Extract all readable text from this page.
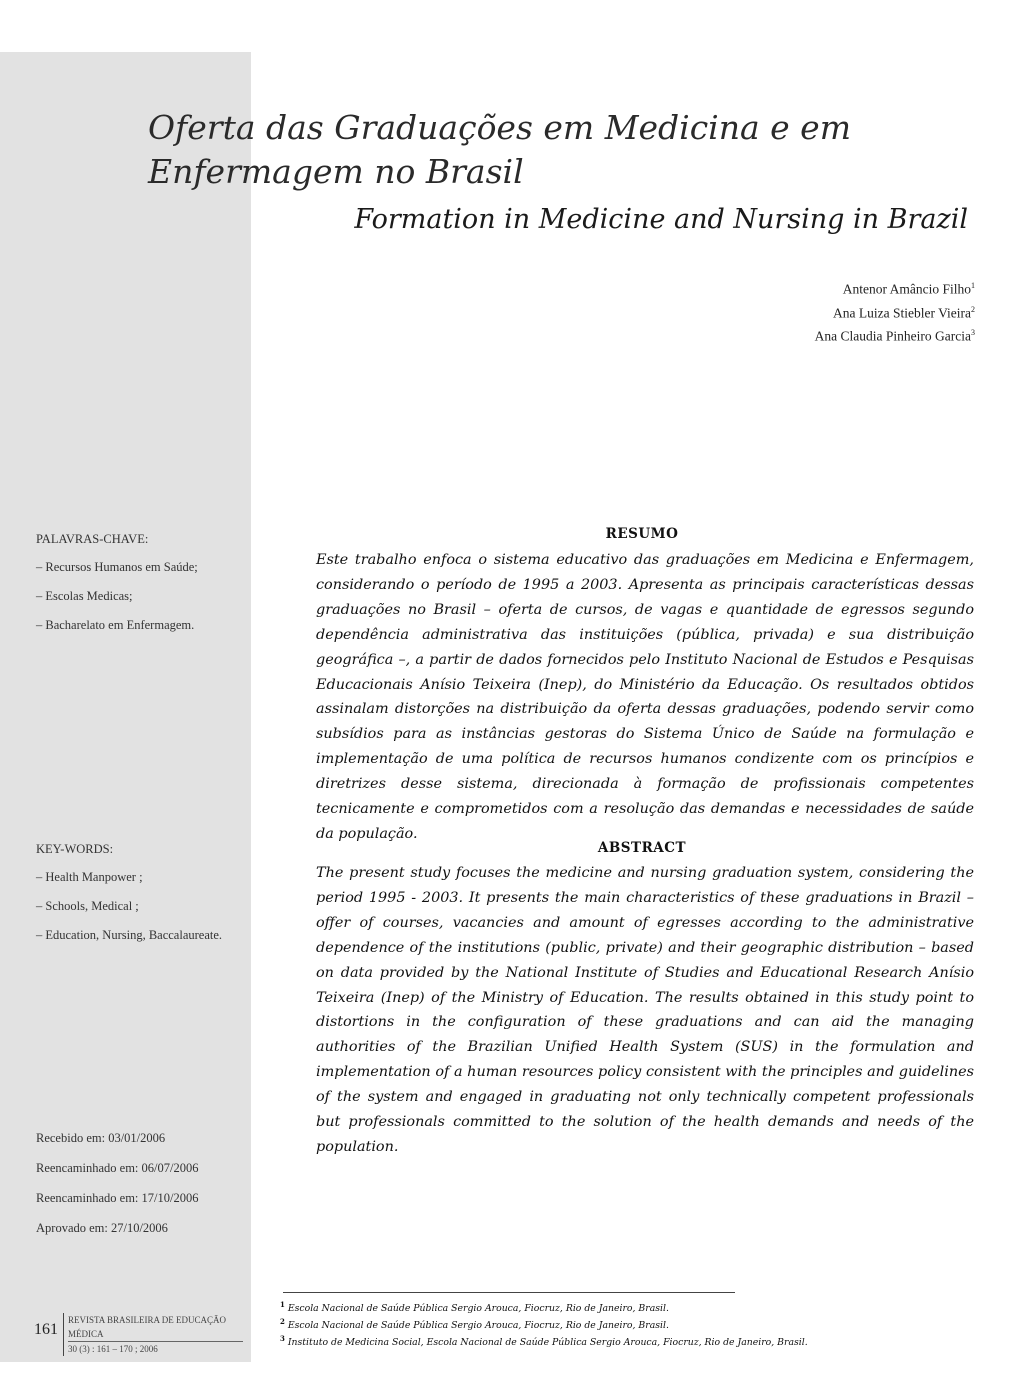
Oferta das Graduações em Medicina e em Enfermagem no Brasil
Formation in Medicine and Nursing in Brazil
Antenor Amâncio Filho$^1$
Ana Luiza Stiebler Vieira$^2$
Ana Claudia Pinheiro Garcia$^3$
PALAVRAS-CHAVE:
– Recursos Humanos em Saúde;
– Escolas Medicas;
– Bacharelato em Enfermagem.
KEY-WORDS:
– Health Manpower ;
– Schools, Medical ;
– Education, Nursing, Baccalaureate.
RESUMO

Este trabalho enfoca o sistema educativo das graduações em Medicina e Enfermagem, considerando o período de 1995 a 2003. Apresenta as principais características dessas graduações no Brasil – oferta de cursos, de vagas e quantidade de egressos segundo dependência administrativa das instituições (pública, privada) e sua distribuição geográfica –, a partir de dados fornecidos pelo Instituto Nacional de Estudos e Pesquisas Educacionais Anísio Teixeira (Inep), do Ministério da Educação. Os resultados obtidos assinalam distorções na distribuição da oferta dessas graduações, podendo servir como subsídios para as instâncias gestoras do Sistema Único de Saúde na formulação e implementação de uma política de recursos humanos condizente com os princípios e diretrizes desse sistema, direcionada à formação de profissionais competentes tecnicamente e comprometidos com a resolução das demandas e necessidades de saúde da população.

ABSTRACT

The present study focuses the medicine and nursing graduation system, considering the period 1995 - 2003. It presents the main characteristics of these graduations in Brazil – offer of courses, vacancies and amount of egresses according to the administrative dependence of the institutions (public, private) and their geographic distribution – based on data provided by the National Institute of Studies and Educational Research Anísio Teixeira (Inep) of the Ministry of Education. The results obtained in this study point to distortions in the configuration of these graduations and can aid the managing authorities of the Brazilian Unified Health System (SUS) in the formulation and implementation of a human resources policy consistent with the principles and guidelines of the system and engaged in graduating not only technically competent professionals but professionals committed to the solution of the health demands and needs of the population.

Recebido em: 03/01/2006
Reencaminhado em: 06/07/2006
Reencaminhado em: 17/10/2006
Aprovado em: 27/10/2006
$^1$ Escola Nacional de Saúde Pública Sergio Arouca, Fiocruz, Rio de Janeiro, Brasil.
$^2$ Escola Nacional de Saúde Pública Sergio Arouca, Fiocruz, Rio de Janeiro, Brasil.
$^3$ Instituto de Medicina Social, Escola Nacional de Saúde Pública Sergio Arouca, Fiocruz, Rio de Janeiro, Brasil.
161
REVISTA BRASILEIRA DE EDUCAÇÃO MÉDICA
30 (3) : 161 – 170 ; 2006
